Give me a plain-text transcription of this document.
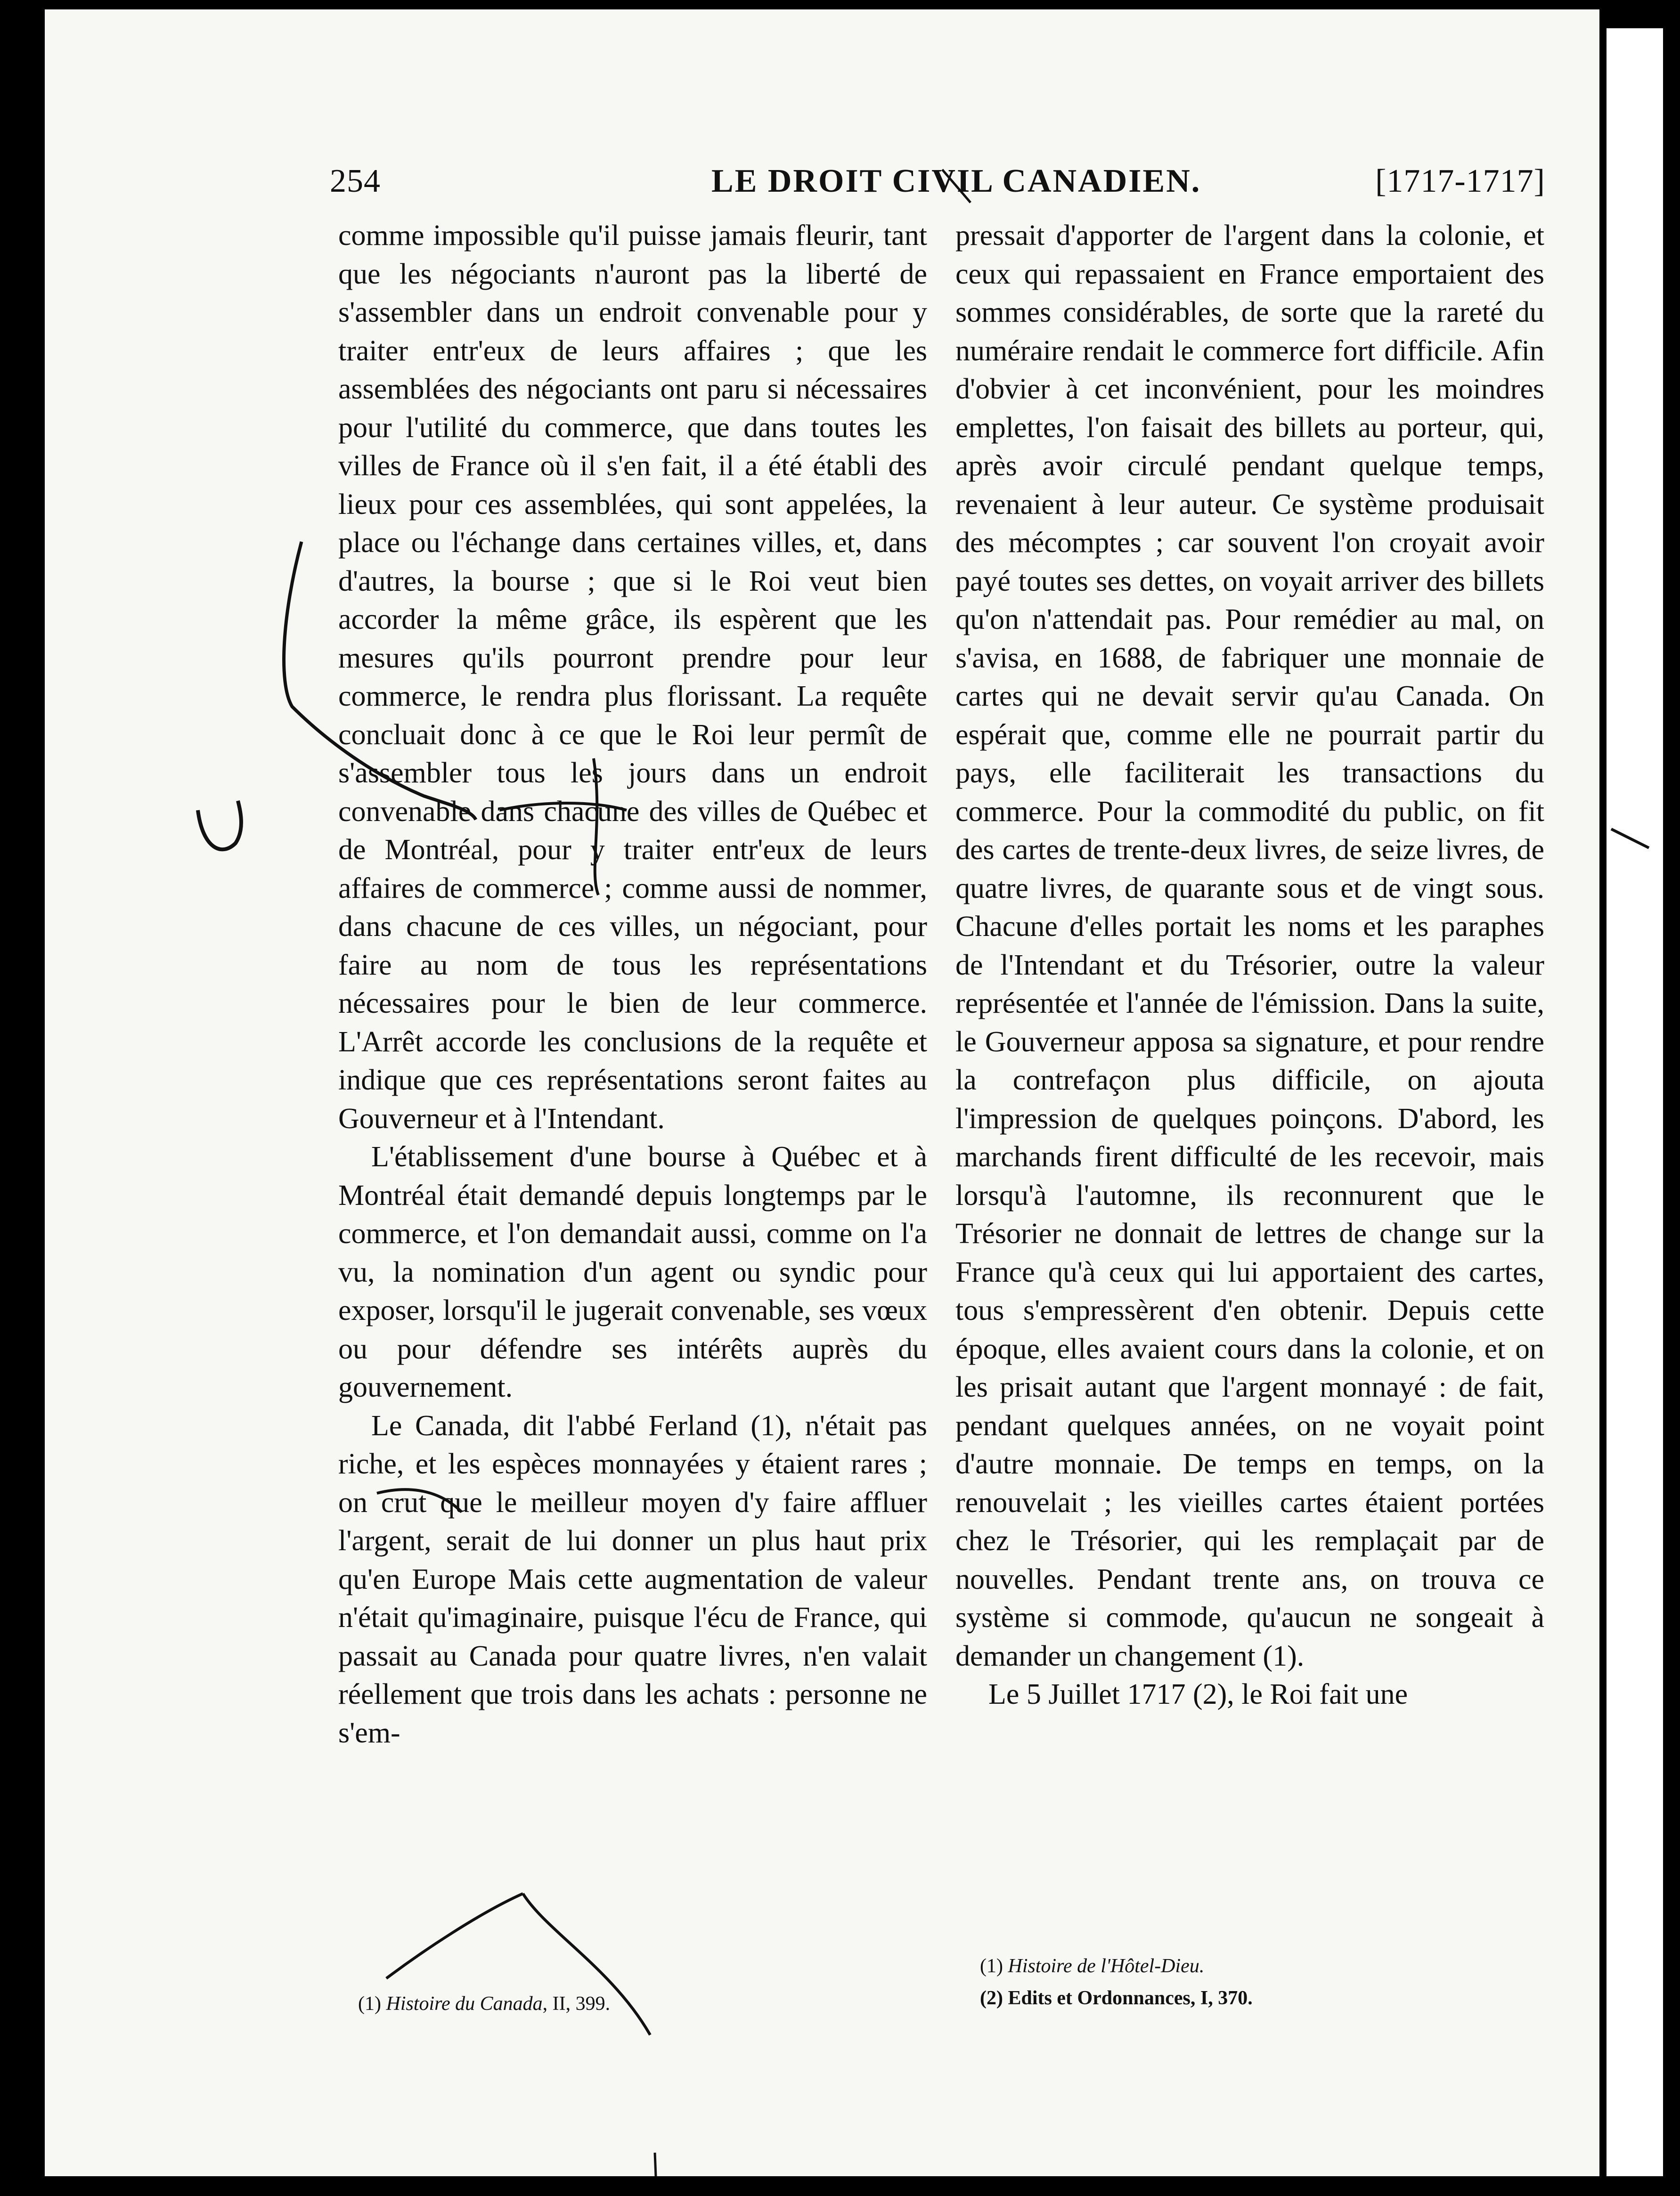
254	LE DROIT CIVIL CANADIEN.	[1717-1717]

comme impossible qu'il puisse jamais fleurir, tant que les négociants n'auront pas la liberté de s'assembler dans un endroit convenable pour y traiter entr'eux de leurs affaires ; que les assemblées des négociants ont paru si nécessaires pour l'utilité du commerce, que dans toutes les villes de France où il s'en fait, il a été établi des lieux pour ces assemblées, qui sont appelées, la place ou l'échange dans certaines villes, et, dans d'autres, la bourse ; que si le Roi veut bien accorder la même grâce, ils espèrent que les mesures qu'ils pourront prendre pour leur commerce, le rendra plus florissant. La requête concluait donc à ce que le Roi leur permît de s'assembler tous les jours dans un endroit convenable dans chacune des villes de Québec et de Montréal, pour y traiter entr'eux de leurs affaires de commerce ; comme aussi de nommer, dans chacune de ces villes, un négociant, pour faire au nom de tous les représentations nécessaires pour le bien de leur commerce. L'Arrêt accorde les conclusions de la requête et indique que ces représentations seront faites au Gouverneur et à l'Intendant.

L'établissement d'une bourse à Québec et à Montréal était demandé depuis longtemps par le commerce, et l'on demandait aussi, comme on l'a vu, la nomination d'un agent ou syndic pour exposer, lorsqu'il le jugerait convenable, ses vœux ou pour défendre ses intérêts auprès du gouvernement.

Le Canada, dit l'abbé Ferland (1), n'était pas riche, et les espèces monnayées y étaient rares ; on crut que le meilleur moyen d'y faire affluer l'argent, serait de lui donner un plus haut prix qu'en Europe Mais cette augmentation de valeur n'était qu'imaginaire, puisque l'écu de France, qui passait au Canada pour quatre livres, n'en valait réellement que trois dans les achats : personne ne s'em-

pressait d'apporter de l'argent dans la colonie, et ceux qui repassaient en France emportaient des sommes considérables, de sorte que la rareté du numéraire rendait le commerce fort difficile. Afin d'obvier à cet inconvénient, pour les moindres emplettes, l'on faisait des billets au porteur, qui, après avoir circulé pendant quelque temps, revenaient à leur auteur. Ce système produisait des mécomptes ; car souvent l'on croyait avoir payé toutes ses dettes, on voyait arriver des billets qu'on n'attendait pas. Pour remédier au mal, on s'avisa, en 1688, de fabriquer une monnaie de cartes qui ne devait servir qu'au Canada. On espérait que, comme elle ne pourrait partir du pays, elle faciliterait les transactions du commerce. Pour la commodité du public, on fit des cartes de trente-deux livres, de seize livres, de quatre livres, de quarante sous et de vingt sous. Chacune d'elles portait les noms et les paraphes de l'Intendant et du Trésorier, outre la valeur représentée et l'année de l'émission. Dans la suite, le Gouverneur apposa sa signature, et pour rendre la contrefaçon plus difficile, on ajouta l'impression de quelques poinçons. D'abord, les marchands firent difficulté de les recevoir, mais lorsqu'à l'automne, ils reconnurent que le Trésorier ne donnait de lettres de change sur la France qu'à ceux qui lui apportaient des cartes, tous s'empressèrent d'en obtenir. Depuis cette époque, elles avaient cours dans la colonie, et on les prisait autant que l'argent monnayé : de fait, pendant quelques années, on ne voyait point d'autre monnaie. De temps en temps, on la renouvelait ; les vieilles cartes étaient portées chez le Trésorier, qui les remplaçait par de nouvelles. Pendant trente ans, on trouva ce système si commode, qu'aucun ne songeait à demander un changement (1).

Le 5 Juillet 1717 (2), le Roi fait une

(1) Histoire du Canada, II, 399.
(1) Histoire de l'Hôtel-Dieu.
(2) Edits et Ordonnances, I, 370.
